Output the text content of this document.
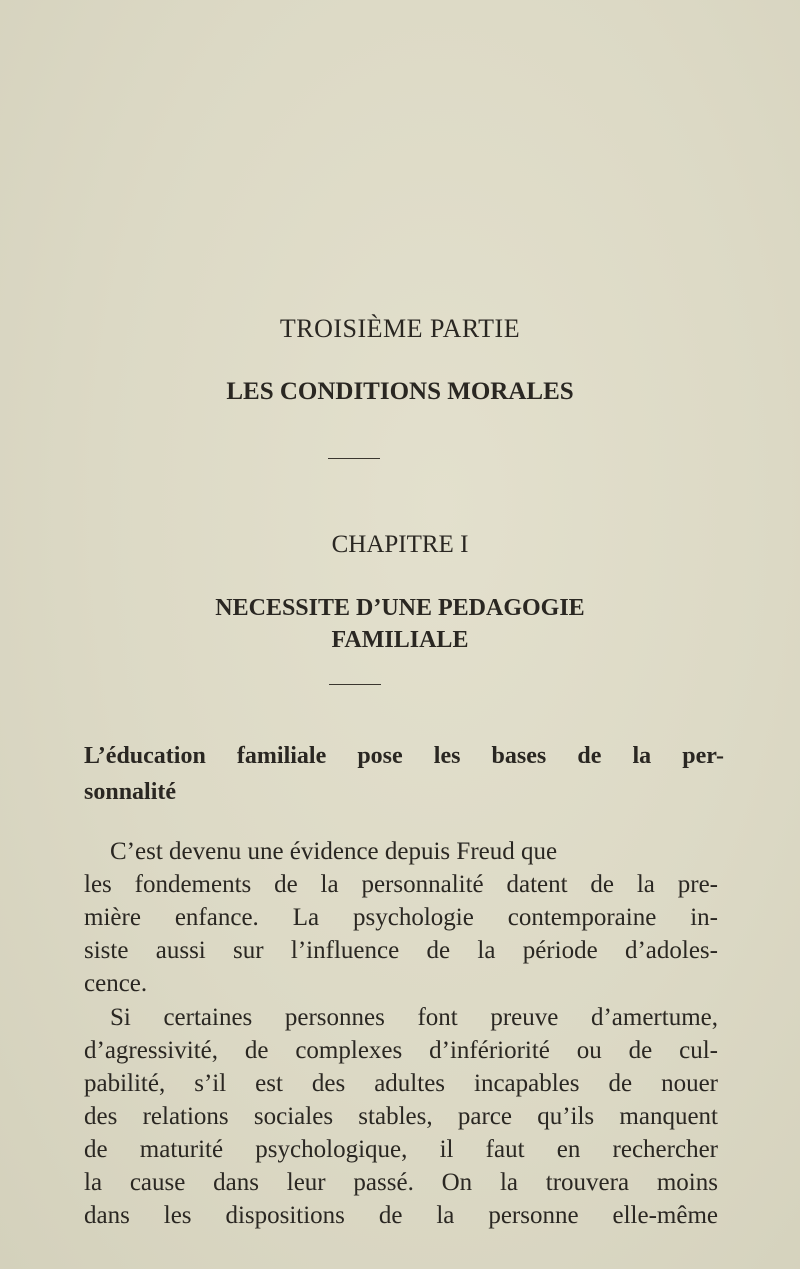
TROISIÈME PARTIE
LES CONDITIONS MORALES
CHAPITRE I
NECESSITE D’UNE PEDAGOGIE
FAMILIALE
L’éducation familiale pose les bases de la per-
sonnalité
C’est devenu une évidence depuis Freud que
les fondements de la personnalité datent de la pre-
mière enfance. La psychologie contemporaine in-
siste aussi sur l’influence de la période d’adoles-
cence.
Si certaines personnes font preuve d’amertume,
d’agressivité, de complexes d’infériorité ou de cul-
pabilité, s’il est des adultes incapables de nouer
des relations sociales stables, parce qu’ils manquent
de maturité psychologique, il faut en rechercher
la cause dans leur passé. On la trouvera moins
dans les dispositions de la personne elle-même
